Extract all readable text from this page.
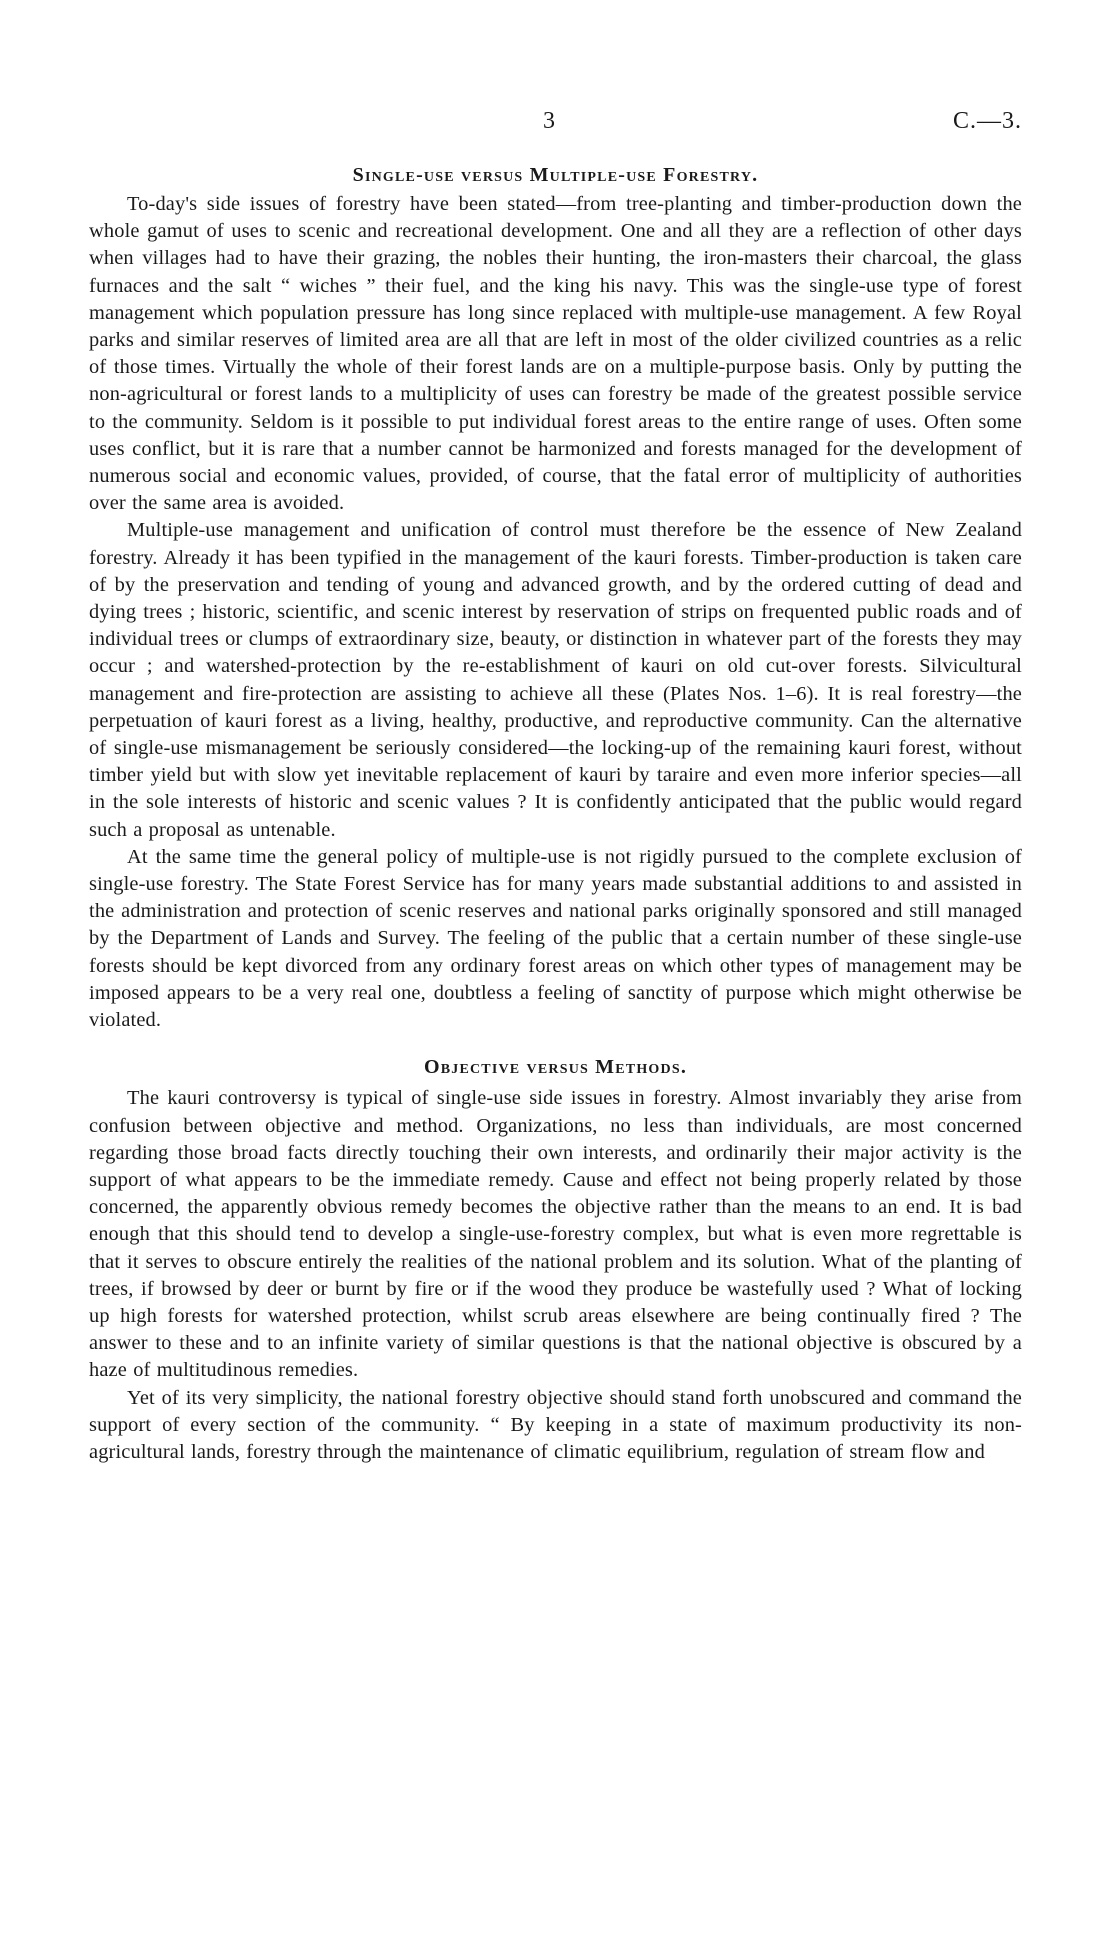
3	C.—3.
Single-use versus Multiple-use Forestry.

To-day's side issues of forestry have been stated—from tree-planting and timber-production down the whole gamut of uses to scenic and recreational development. One and all they are a reflection of other days when villages had to have their grazing, the nobles their hunting, the iron-masters their charcoal, the glass furnaces and the salt “ wiches ” their fuel, and the king his navy. This was the single-use type of forest management which population pressure has long since replaced with multiple-use management. A few Royal parks and similar reserves of limited area are all that are left in most of the older civilized countries as a relic of those times. Virtually the whole of their forest lands are on a multiple-purpose basis. Only by putting the non-agricultural or forest lands to a multiplicity of uses can forestry be made of the greatest possible service to the community. Seldom is it possible to put individual forest areas to the entire range of uses. Often some uses conflict, but it is rare that a number cannot be harmonized and forests managed for the development of numerous social and economic values, provided, of course, that the fatal error of multiplicity of authorities over the same area is avoided.

Multiple-use management and unification of control must therefore be the essence of New Zealand forestry. Already it has been typified in the management of the kauri forests. Timber-production is taken care of by the preservation and tending of young and advanced growth, and by the ordered cutting of dead and dying trees ; historic, scientific, and scenic interest by reservation of strips on frequented public roads and of individual trees or clumps of extraordinary size, beauty, or distinction in whatever part of the forests they may occur ; and watershed-protection by the re-establishment of kauri on old cut-over forests. Silvicultural management and fire-protection are assisting to achieve all these (Plates Nos. 1–6). It is real forestry—the perpetuation of kauri forest as a living, healthy, productive, and reproductive community. Can the alternative of single-use mismanagement be seriously considered—the locking-up of the remaining kauri forest, without timber yield but with slow yet inevitable replacement of kauri by taraire and even more inferior species—all in the sole interests of historic and scenic values ? It is confidently anticipated that the public would regard such a proposal as untenable.

At the same time the general policy of multiple-use is not rigidly pursued to the complete exclusion of single-use forestry. The State Forest Service has for many years made substantial additions to and assisted in the administration and protection of scenic reserves and national parks originally sponsored and still managed by the Department of Lands and Survey. The feeling of the public that a certain number of these single-use forests should be kept divorced from any ordinary forest areas on which other types of management may be imposed appears to be a very real one, doubtless a feeling of sanctity of purpose which might otherwise be violated.

Objective versus Methods.

The kauri controversy is typical of single-use side issues in forestry. Almost invariably they arise from confusion between objective and method. Organizations, no less than individuals, are most concerned regarding those broad facts directly touching their own interests, and ordinarily their major activity is the support of what appears to be the immediate remedy. Cause and effect not being properly related by those concerned, the apparently obvious remedy becomes the objective rather than the means to an end. It is bad enough that this should tend to develop a single-use-forestry complex, but what is even more regrettable is that it serves to obscure entirely the realities of the national problem and its solution. What of the planting of trees, if browsed by deer or burnt by fire or if the wood they produce be wastefully used ? What of locking up high forests for watershed protection, whilst scrub areas elsewhere are being continually fired ? The answer to these and to an infinite variety of similar questions is that the national objective is obscured by a haze of multitudinous remedies.

Yet of its very simplicity, the national forestry objective should stand forth unobscured and command the support of every section of the community. “ By keeping in a state of maximum productivity its non-agricultural lands, forestry through the maintenance of climatic equilibrium, regulation of stream flow and
